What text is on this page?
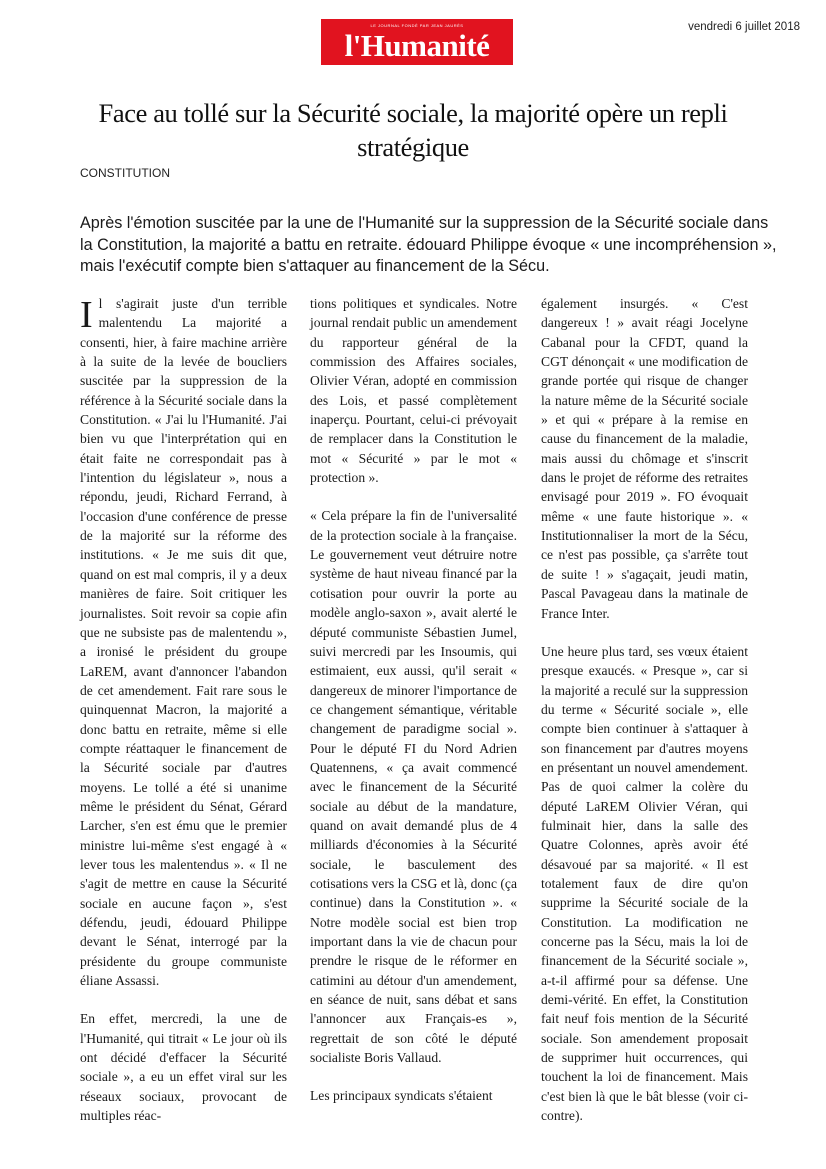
LE JOURNAL FONDÉ PAR JEAN JAURÈS
l'Humanité
vendredi 6 juillet 2018
Face au tollé sur la Sécurité sociale, la majorité opère un repli stratégique
CONSTITUTION

Après l'émotion suscitée par la une de l'Humanité sur la suppression de la Sécurité sociale dans la Constitution, la majorité a battu en retraite. édouard Philippe évoque « une incompréhension », mais l'exécutif compte bien s'attaquer au financement de la Sécu.

Il s'agirait juste d'un terrible malentendu La majorité a consenti, hier, à faire machine arrière à la suite de la levée de boucliers suscitée par la suppression de la référence à la Sécurité sociale dans la Constitution. « J'ai lu l'Humanité. J'ai bien vu que l'interprétation qui en était faite ne correspondait pas à l'intention du législateur », nous a répondu, jeudi, Richard Ferrand, à l'occasion d'une conférence de presse de la majorité sur la réforme des institutions. « Je me suis dit que, quand on est mal compris, il y a deux manières de faire. Soit critiquer les journalistes. Soit revoir sa copie afin que ne subsiste pas de malentendu », a ironisé le président du groupe LaREM, avant d'annoncer l'abandon de cet amendement. Fait rare sous le quinquennat Macron, la majorité a donc battu en retraite, même si elle compte réattaquer le financement de la Sécurité sociale par d'autres moyens. Le tollé a été si unanime même le président du Sénat, Gérard Larcher, s'en est ému que le premier ministre lui-même s'est engagé à « lever tous les malentendus ». « Il ne s'agit de mettre en cause la Sécurité sociale en aucune façon », s'est défendu, jeudi, édouard Philippe devant le Sénat, interrogé par la présidente du groupe communiste éliane Assassi.

En effet, mercredi, la une de l'Humanité, qui titrait « Le jour où ils ont décidé d'effacer la Sécurité sociale », a eu un effet viral sur les réseaux sociaux, provocant de multiples réac-

tions politiques et syndicales. Notre journal rendait public un amendement du rapporteur général de la commission des Affaires sociales, Olivier Véran, adopté en commission des Lois, et passé complètement inaperçu. Pourtant, celui-ci prévoyait de remplacer dans la Constitution le mot « Sécurité » par le mot « protection ».

« Cela prépare la fin de l'universalité de la protection sociale à la française. Le gouvernement veut détruire notre système de haut niveau financé par la cotisation pour ouvrir la porte au modèle anglo-saxon », avait alerté le député communiste Sébastien Jumel, suivi mercredi par les Insoumis, qui estimaient, eux aussi, qu'il serait « dangereux de minorer l'importance de ce changement sémantique, véritable changement de paradigme social ». Pour le député FI du Nord Adrien Quatennens, « ça avait commencé avec le financement de la Sécurité sociale au début de la mandature, quand on avait demandé plus de 4 milliards d'économies à la Sécurité sociale, le basculement des cotisations vers la CSG et là, donc (ça continue) dans la Constitution ». « Notre modèle social est bien trop important dans la vie de chacun pour prendre le risque de le réformer en catimini au détour d'un amendement, en séance de nuit, sans débat et sans l'annoncer aux Français-es », regrettait de son côté le député socialiste Boris Vallaud.

Les principaux syndicats s'étaient

également insurgés. « C'est dangereux ! » avait réagi Jocelyne Cabanal pour la CFDT, quand la CGT dénonçait « une modification de grande portée qui risque de changer la nature même de la Sécurité sociale » et qui « prépare à la remise en cause du financement de la maladie, mais aussi du chômage et s'inscrit dans le projet de réforme des retraites envisagé pour 2019 ». FO évoquait même « une faute historique ». « Institutionnaliser la mort de la Sécu, ce n'est pas possible, ça s'arrête tout de suite ! » s'agaçait, jeudi matin, Pascal Pavageau dans la matinale de France Inter.

Une heure plus tard, ses vœux étaient presque exaucés. « Presque », car si la majorité a reculé sur la suppression du terme « Sécurité sociale », elle compte bien continuer à s'attaquer à son financement par d'autres moyens en présentant un nouvel amendement. Pas de quoi calmer la colère du député LaREM Olivier Véran, qui fulminait hier, dans la salle des Quatre Colonnes, après avoir été désavoué par sa majorité. « Il est totalement faux de dire qu'on supprime la Sécurité sociale de la Constitution. La modification ne concerne pas la Sécu, mais la loi de financement de la Sécurité sociale », a-t-il affirmé pour sa défense. Une demi-vérité. En effet, la Constitution fait neuf fois mention de la Sécurité sociale. Son amendement proposait de supprimer huit occurrences, qui touchent la loi de financement. Mais c'est bien là que le bât blesse (voir ci-contre).
